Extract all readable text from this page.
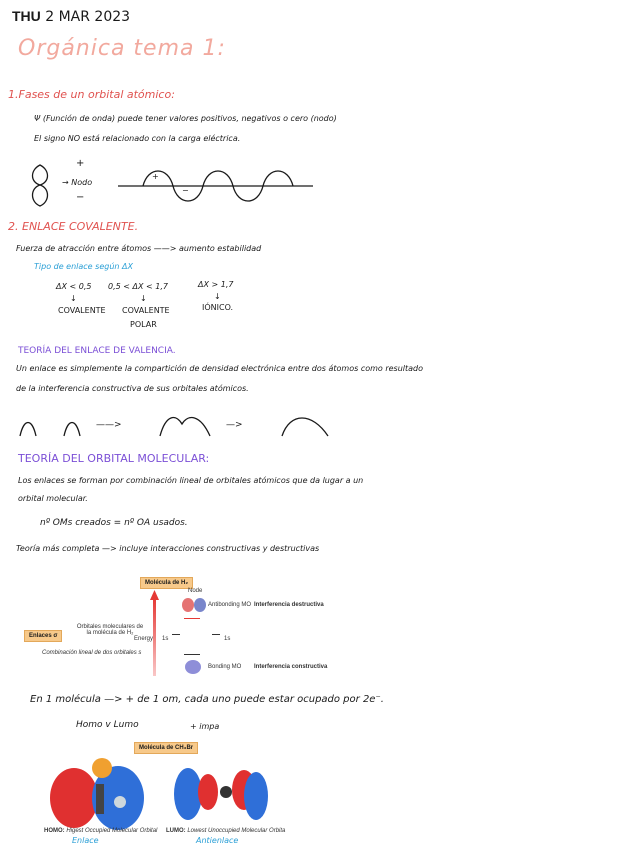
THU 2 MAR 2023
Orgánica tema 1:
1.Fases de un orbital atómico:
Ψ (Función de onda) puede tener valores positivos, negativos o cero (nodo)
El signo NO está relacionado con la carga eléctrica.
+
→ Nodo
−
+
−
2. ENLACE COVALENTE.
Fuerza de atracción entre átomos ——> aumento estabilidad
Tipo de enlace según ΔX
ΔX < 0,5
↓
COVALENTE
0,5 < ΔX < 1,7
↓
COVALENTE
POLAR
ΔX > 1,7
↓
IÓNICO.
TEORÍA DEL ENLACE DE VALENCIA.
Un enlace es simplemente la compartición de densidad electrónica entre dos átomos como resultado
de la interferencia constructiva de sus orbitales atómicos.
——>	—>
TEORÍA DEL ORBITAL MOLECULAR:
Los enlaces se forman por combinación lineal de orbitales atómicos que da lugar a un
orbital molecular.
nº OMs creados = nº OA usados.
Teoría más completa —> incluye interacciones constructivas y destructivas
Molécula de H₂
Node
Antibonding MO Interferencia destructiva
Enlaces σ
Orbitales moleculares de la molécula de H₂
Energy 1s	1s
Combinación lineal de dos orbitales s
Bonding MO Interferencia constructiva
En 1 molécula —> + de 1 om, cada uno puede estar ocupado por 2e⁻.
Homo v Lumo	+ impa
Molécula de CH₃Br
HOMO: Higest Occupied Molecular Orbital LUMO: Lowest Unoccupied Molecular Orbita
Enlace	Antienlace
